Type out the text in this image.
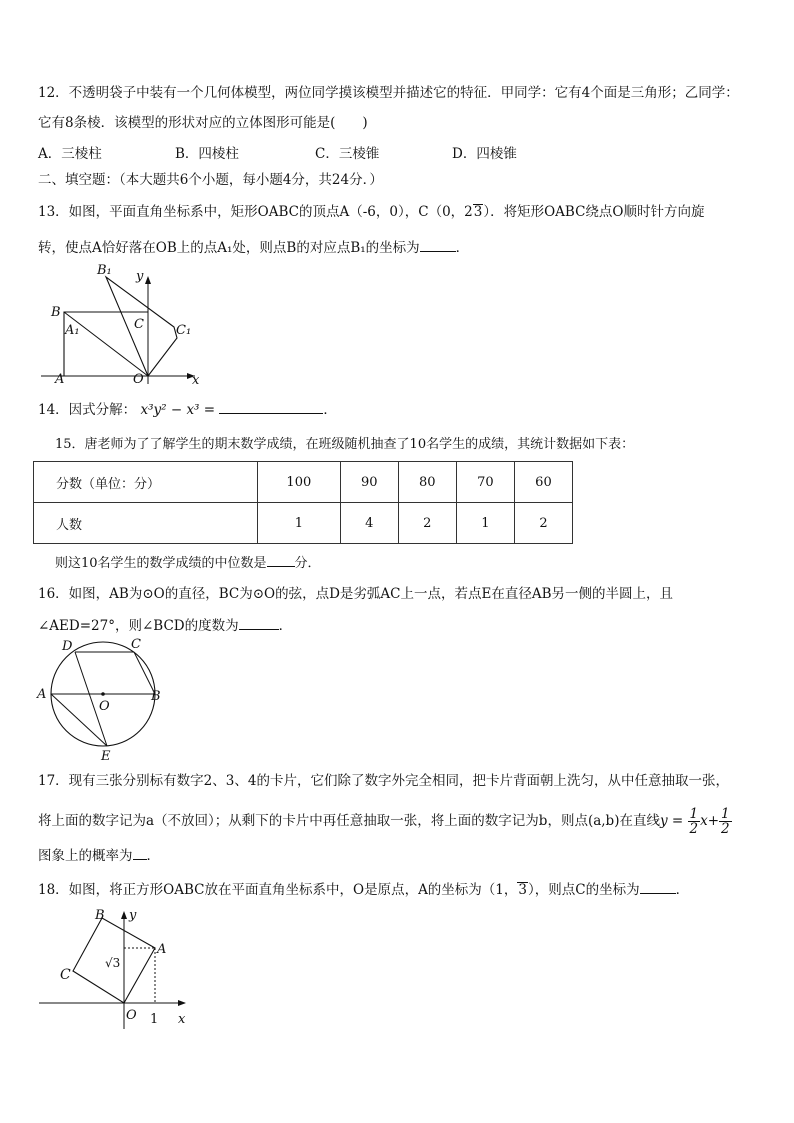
12．不透明袋子中装有一个几何体模型，两位同学摸该模型并描述它的特征．甲同学：它有4个面是三角形；乙同学：
它有8条棱．该模型的形状对应的立体图形可能是(　　)
A．三棱柱	B．四棱柱	C．三棱锥	D．四棱锥
二、填空题：（本大题共6个小题，每小题4分，共24分．）
13．如图，平面直角坐标系中，矩形OABC的顶点A（-6，0），C（0，23）．将矩形OABC绕点O顺时针方向旋
转，使点A恰好落在OB上的点A₁处，则点B的对应点B₁的坐标为	．
B₁ y
B
C
A₁	C₁
A	O	x
14．因式分解： x³y² − x³ =	．
15．唐老师为了了解学生的期末数学成绩，在班级随机抽查了10名学生的成绩，其统计数据如下表：
分数（单位：分）	100	90	80	70	60
人数	1	4	2	1	2
则这10名学生的数学成绩的中位数是 分．
16．如图，AB为⊙O的直径，BC为⊙O的弦，点D是劣弧AC上一点，若点E在直径AB另一侧的半圆上，且
∠AED=27°，则∠BCD的度数为	．
D	C
A	B
O
E
17．现有三张分别标有数字2、3、4的卡片，它们除了数字外完全相同，把卡片背面朝上洗匀，从中任意抽取一张，
将上面的数字记为a（不放回）；从剩下的卡片中再任意抽取一张，将上面的数字记为b，则点(a,b)在直线$y = \frac{1}{2} x+ \frac{1}{2}$
图象上的概率为 ．
18．如图，将正方形OABC放在平面直角坐标系中，O是原点，A的坐标为（1，3），则点C的坐标为	．
B y
A
C
√3
O 1 x
